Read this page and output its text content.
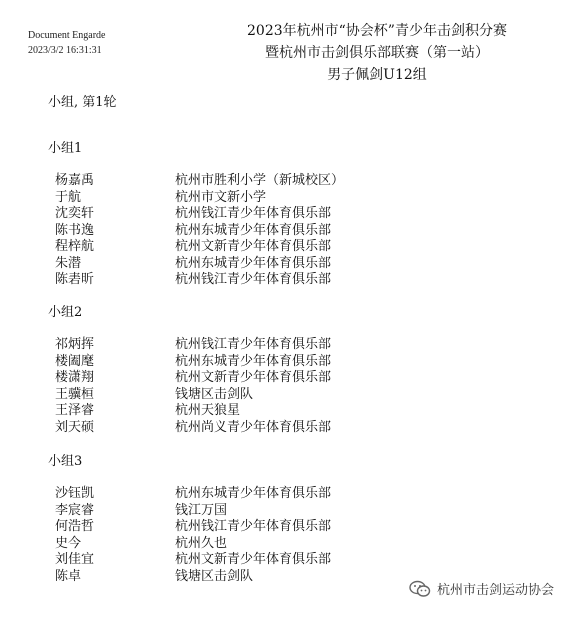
Document Engarde
2023/3/2 16:31:31
2023年杭州市“协会杯”青少年击剑积分赛
暨杭州市击剑俱乐部联赛（第一站）
男子佩剑U12组
小组, 第1轮
小组1
杨嘉禹	杭州市胜利小学（新城校区）
于航	杭州市文新小学
沈奕轩	杭州钱江青少年体育俱乐部
陈书逸	杭州东城青少年体育俱乐部
程梓航	杭州文新青少年体育俱乐部
朱潜	杭州东城青少年体育俱乐部
陈砉昕	杭州钱江青少年体育俱乐部
小组2
祁炳挥	杭州钱江青少年体育俱乐部
楼阖麾	杭州东城青少年体育俱乐部
楼潇翔	杭州文新青少年体育俱乐部
王骥桓	钱塘区击剑队
王泽睿	杭州天狼星
刘天硕	杭州尚义青少年体育俱乐部
小组3
沙钰凯	杭州东城青少年体育俱乐部
李宸睿	钱江万国
何浩哲	杭州钱江青少年体育俱乐部
史今	杭州久也
刘佳宜	杭州文新青少年体育俱乐部
陈卓	钱塘区击剑队
杭州市击剑运动协会
